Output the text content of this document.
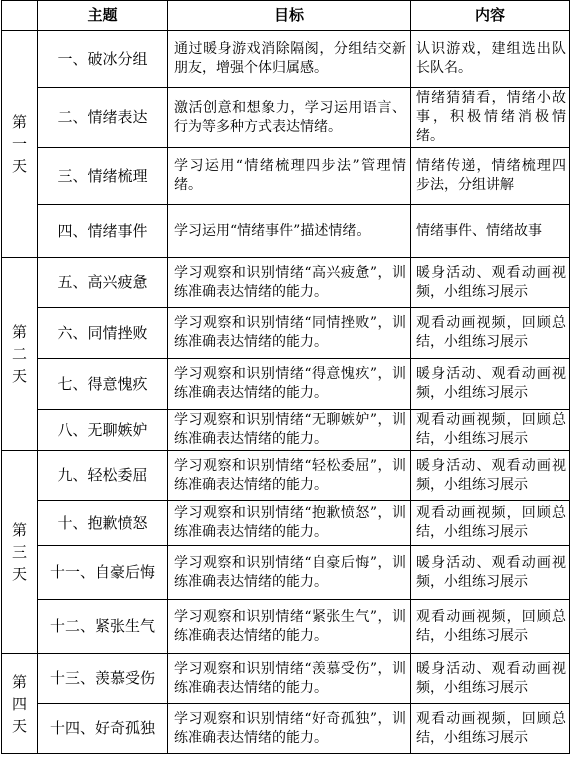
	主题	目标	内容

第
一
天	一、破冰分组	通过暖身游戏消除隔阂，分组结交新朋友，增强个体归属感。	认识游戏，建组选出队长队名。
	二、情绪表达	激活创意和想象力，学习运用语言、行为等多种方式表达情绪。	情绪猜猜看，情绪小故事，积极情绪消极情绪。
	三、情绪梳理	学习运用“情绪梳理四步法”管理情绪。	情绪传递，情绪梳理四步法，分组讲解
	四、情绪事件	学习运用“情绪事件”描述情绪。	情绪事件、情绪故事

第
二
天	五、高兴疲惫	学习观察和识别情绪“高兴疲惫”，训练准确表达情绪的能力。	暖身活动、观看动画视频，小组练习展示
	六、同情挫败	学习观察和识别情绪“同情挫败”，训练准确表达情绪的能力。	观看动画视频，回顾总结，小组练习展示
	七、得意愧疚	学习观察和识别情绪“得意愧疚”，训练准确表达情绪的能力。	暖身活动、观看动画视频，小组练习展示
	八、无聊嫉妒	学习观察和识别情绪“无聊嫉妒”，训练准确表达情绪的能力。	观看动画视频，回顾总结，小组练习展示

第
三
天	九、轻松委屈	学习观察和识别情绪“轻松委屈”，训练准确表达情绪的能力。	暖身活动、观看动画视频，小组练习展示
	十、抱歉愤怒	学习观察和识别情绪“抱歉愤怒”，训练准确表达情绪的能力。	观看动画视频，回顾总结，小组练习展示
	十一、自豪后悔	学习观察和识别情绪“自豪后悔”，训练准确表达情绪的能力。	暖身活动、观看动画视频，小组练习展示
	十二、紧张生气	学习观察和识别情绪“紧张生气”，训练准确表达情绪的能力。	观看动画视频，回顾总结，小组练习展示

第
四
天	十三、羡慕受伤	学习观察和识别情绪“羡慕受伤”，训练准确表达情绪的能力。	暖身活动、观看动画视频，小组练习展示
	十四、好奇孤独	学习观察和识别情绪“好奇孤独”，训练准确表达情绪的能力。	观看动画视频，回顾总结，小组练习展示
